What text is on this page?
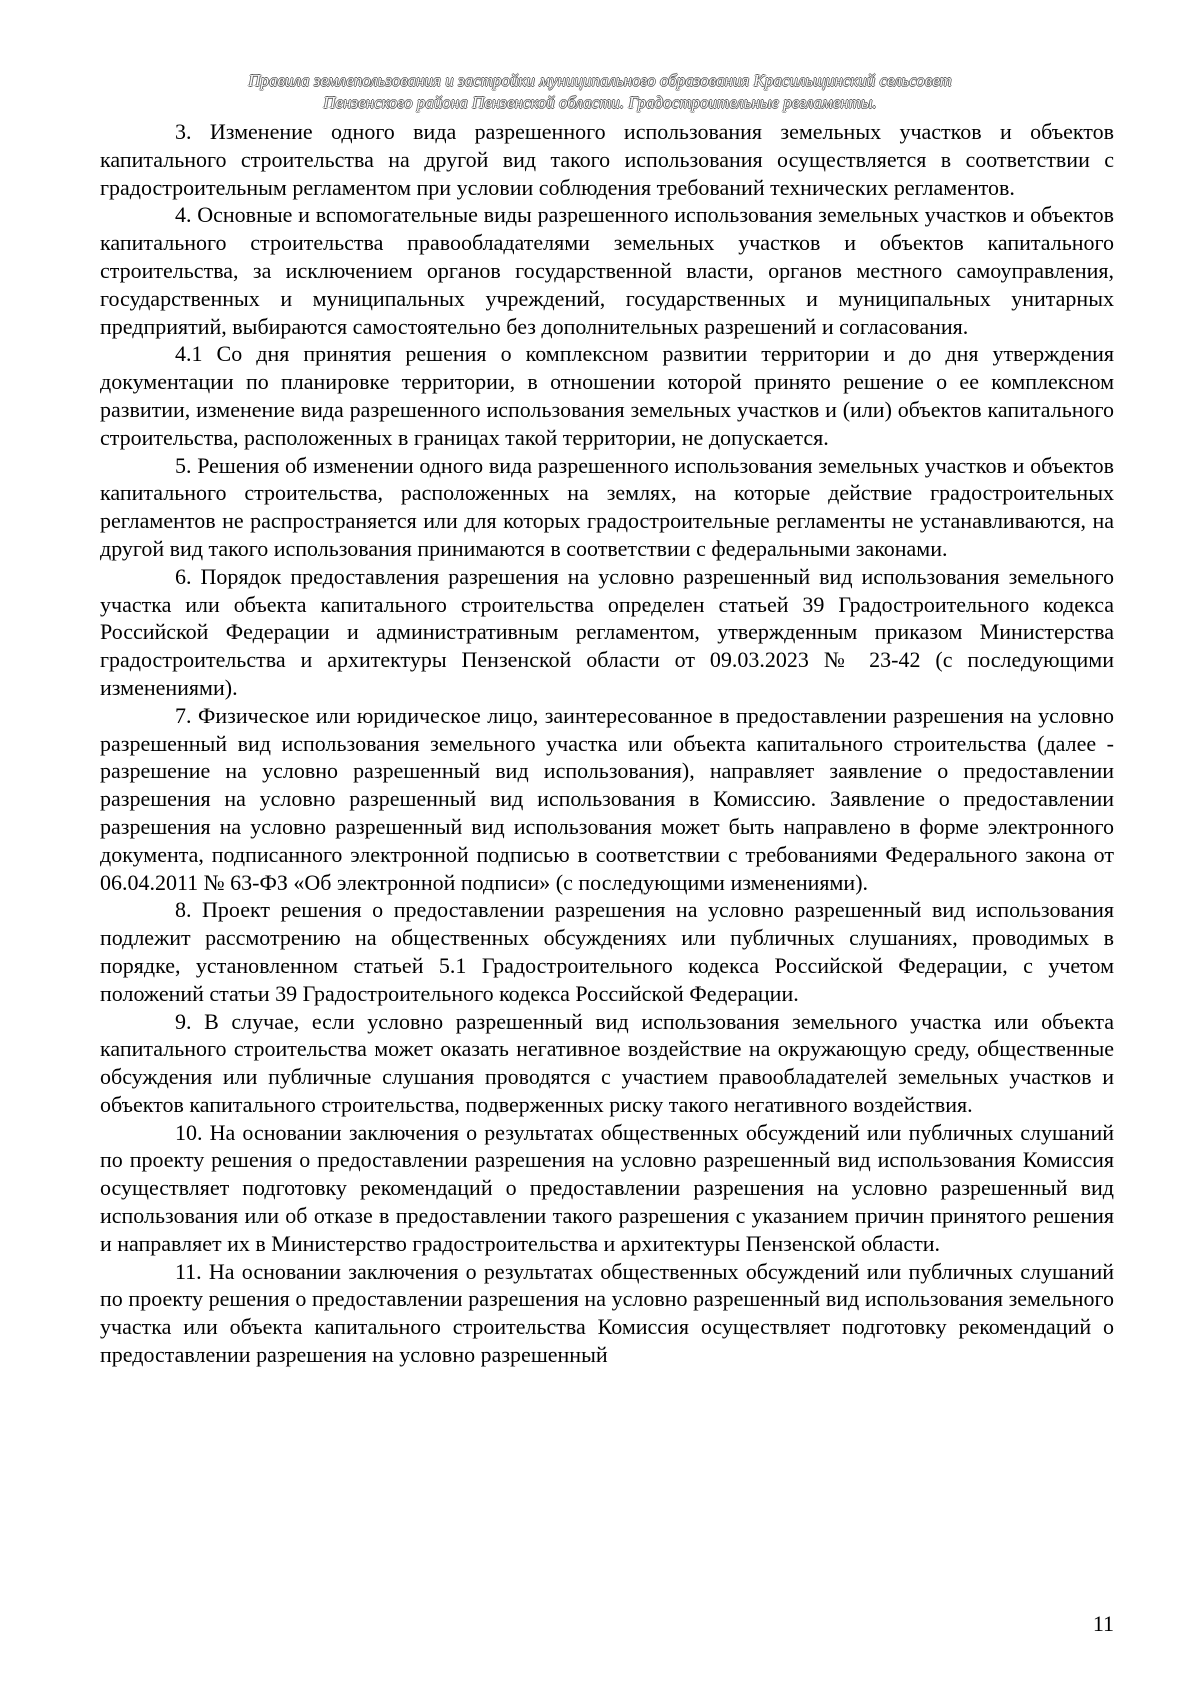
Правила землепользования и застройки муниципального образования Красильщинский сельсовет
Пензенского района Пензенской области. Градостроительные регламенты.

3. Изменение одного вида разрешенного использования земельных участков и объектов капитального строительства на другой вид такого использования осуществляется в соответствии с градостроительным регламентом при условии соблюдения требований технических регламентов.

4. Основные и вспомогательные виды разрешенного использования земельных участков и объектов капитального строительства правообладателями земельных участков и объектов капитального строительства, за исключением органов государственной власти, органов местного самоуправления, государственных и муниципальных учреждений, государственных и муниципальных унитарных предприятий, выбираются самостоятельно без дополнительных разрешений и согласования.

4.1 Со дня принятия решения о комплексном развитии территории и до дня утверждения документации по планировке территории, в отношении которой принято решение о ее комплексном развитии, изменение вида разрешенного использования земельных участков и (или) объектов капитального строительства, расположенных в границах такой территории, не допускается.

5. Решения об изменении одного вида разрешенного использования земельных участков и объектов капитального строительства, расположенных на землях, на которые действие градостроительных регламентов не распространяется или для которых градостроительные регламенты не устанавливаются, на другой вид такого использования принимаются в соответствии с федеральными законами.

6. Порядок предоставления разрешения на условно разрешенный вид использования земельного участка или объекта капитального строительства определен статьей 39 Градостроительного кодекса Российской Федерации и административным регламентом, утвержденным приказом Министерства градостроительства и архитектуры Пензенской области от 09.03.2023 № 23-42 (с последующими изменениями).

7. Физическое или юридическое лицо, заинтересованное в предоставлении разрешения на условно разрешенный вид использования земельного участка или объекта капитального строительства (далее - разрешение на условно разрешенный вид использования), направляет заявление о предоставлении разрешения на условно разрешенный вид использования в Комиссию. Заявление о предоставлении разрешения на условно разрешенный вид использования может быть направлено в форме электронного документа, подписанного электронной подписью в соответствии с требованиями Федерального закона от 06.04.2011 № 63-ФЗ «Об электронной подписи» (с последующими изменениями).

8. Проект решения о предоставлении разрешения на условно разрешенный вид использования подлежит рассмотрению на общественных обсуждениях или публичных слушаниях, проводимых в порядке, установленном статьей 5.1 Градостроительного кодекса Российской Федерации, с учетом положений статьи 39 Градостроительного кодекса Российской Федерации.

9. В случае, если условно разрешенный вид использования земельного участка или объекта капитального строительства может оказать негативное воздействие на окружающую среду, общественные обсуждения или публичные слушания проводятся с участием правообладателей земельных участков и объектов капитального строительства, подверженных риску такого негативного воздействия.

10. На основании заключения о результатах общественных обсуждений или публичных слушаний по проекту решения о предоставлении разрешения на условно разрешенный вид использования Комиссия осуществляет подготовку рекомендаций о предоставлении разрешения на условно разрешенный вид использования или об отказе в предоставлении такого разрешения с указанием причин принятого решения и направляет их в Министерство градостроительства и архитектуры Пензенской области.

11. На основании заключения о результатах общественных обсуждений или публичных слушаний по проекту решения о предоставлении разрешения на условно разрешенный вид использования земельного участка или объекта капитального строительства Комиссия осуществляет подготовку рекомендаций о предоставлении разрешения на условно разрешенный

11
